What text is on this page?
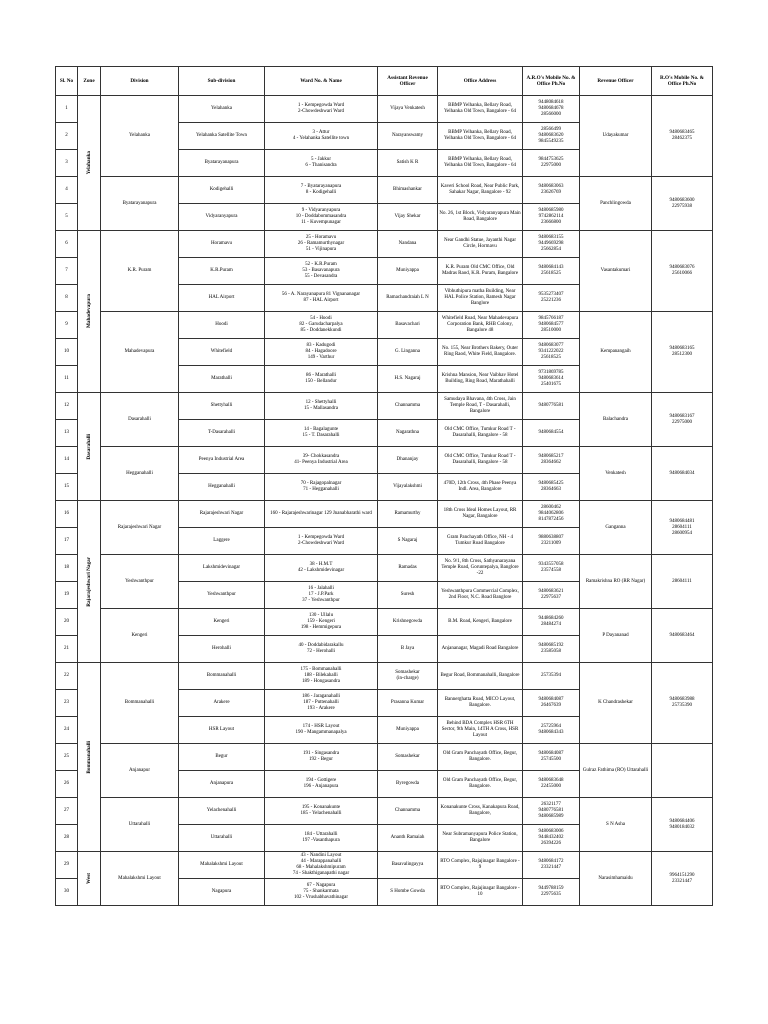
Sl. No	Zone	Division	Sub-division	Ward No. & Name	Assistant Revenue Officer	Office Address	A.R.O's Mobile No. & Office Ph.No	Revenue Officer	R.O's Mobile No. & Office Ph.No
1	Yelahanka	Yelahanka	Yelahanka	1 - Kempegowda Ward
2-Chowdeshwari Ward	Vijaya Venkatesh	BBMP Yelhanka, Bellary Road, Yelhanka Old Town, Bangalore - 64	9448084618
9480684678
28566000	Udayakumar	9480683465
28462375
2			Yelahanka Satellite Town	3 - Attur
4 - Yelahanka Satellite town	Narayanswamy	BBMP Yelhanka, Bellary Road, Yelhanka Old Town, Bangalore - 64	28566499
9480683620
9845549235		
3			Byatarayanapura	5 - Jakkur
6 - Thanisandra	Satish K R	BBMP Yelhanka, Bellary Road, Yelhanka Old Town, Bangalore - 64	9844753625
22975000		
4		Byatarayanapura	Kodigehalli	7 - Byatarayanapura
8 - Kodigehalli	Bhimashankar	Kaveri School Road, Near Public Park, Sahakar Nagar, Bangalore - 92	9480683063
23626769	Panchlingowda	9480683600
22975938
5			Vidyaranyapura	9 - Vidyaranyapura
10 - Doddabommasandra
11 - Kuvempunagar	Vijay Shekar	No. 26, 1st Block, Vidyaranyapura Main Road, Bangalore	9480685980
9742862114
23666800		
6	Mahadevapura	K.R. Puram	Horamavu	25 - Horamavu
26 - Ramamurthynagar
51 - Vijinapura	Nandana	Near Gandhi Statue, Jayanthi Nagar Circle, Hormavu	9480683155
9449669298
25662854	Vasantakumari	9480683076
25610066
7			K.R.Puram	52 - K.R.Puram
53 - Basavanapura
55 - Devasandra	Muniyappa	K.R. Puram Old CMC Office, Old Madras Raod, K.R. Puram, Bangalore	9480684143
25618525		
8			HAL Airport	56 - A. Narayanapura 81 Vignananagar
87 - HAL Airport	Ramachandraiah L N	Vibhuthipura matha Building, Near HAL Police Station, Ramesh Nagar Banglore	9535273407
25221236		
9		Mahadevapura	Hoodi	54 - Hoodi
82 - Garudacharpalya
85 - Doddanekkundi	Basavachari	Whitefield Road, Near Mahadevapura Corporation Bank, RHB Colony, Bangalore 48	9845766187
9480684577
28510000	Kempanangaih	9480683165
28512300
10			Whitefield	83 - Kadugodi
84 - Hagadoore
149 - Varthur	G. Linganna	No. 155, Near Brothers Bakery, Outer Ring Raod, White Field, Bangalore.	9480683077
9341222022
25618525		
11			Marathalli	86 - Marathalli
150 - Bellandur	H.S. Nagaraj	Krishna Mansion, Near Vaibhav Hotel Building, Ring Road, Marathahalli	9731869785
9480683614
25401675		
12	Dasarahalli	Dasarahalli	Shettyhalli	12 - Shettyhalli
15 - Mallasandra	Channamma	Samudaya Bhavana, 4th Cross, Jain Temple Road, T - Dasarahalli, Bangalore	9480776581	Balachandra	9480683167
22975000
13			T-Dasarahalli	14 - Bagalagunte
15 - T. Dasarahalli	Nagarathna	Old CMC Office, Tumkur Road T - Dasarahalli, Bangalore - 58	9480684554		
14		Hegganahalli	Peenya Industrial Area	39- Chokkasandra
41- Peenya Industrial Area	Dhananjay	Old CMC Office, Tumkur Road T - Dasarahalli, Bangalore - 58	9480685217
28364662	Venkatesh	9480684034
15			Hegganahalli	70 - Rajagopalnagar
71 - Hegganahalli	Vijayalakshmi	470D, 12th Cross, 4th Phase Peenya Indl. Area, Bangalore	9480685425
28364663		
16	Rajarajeshwari Nagar	Rajarajeshwari Nagar	Rajarajeshwari Nagar	160 - Rajarajeshwarinagar 129 Jnanabharathi ward	Ramamurthy	18th Cross Ideal Homes Layout, RR Nagar, Bangalore	28600462
9844062806
8147872456	Ganganna	9480684481
28604111
28600954
17			Laggere	1 - Kempegowda Ward
2-Chowdeshwari Ward	S Nagaraj	Gram Panchayath Office, NH - 4 Tumkur Road Bangalore	9880638807
23211009		
18		Yeshwanthpur	Lakshmidevinagar	38 - H.M.T
42 - Lakshmidevinagar	Ramadas	No. 9/1, 8th Cross, Sathyanarayana Temple Road, Goruntepalya, Banglore -22	9343557058
23574558	Ramakrishna RO (RR Nagar)	28604111
19			Yeshwanthpur	16 - Jalahalli
17 - J.P.Park
37 - Yeshwanthpur	Suresh	Yeshwanthpura Commercial Complex, 2nd Floor, N.C. Road Banglore	9480683621
22975637		
20		Kengeri	Kengeri	130 - Ullalu
159 - Kengeri
198 - Hemmigepura	Krishnegowda	B.M. Road, Kengeri, Bangalore	9448684260
28484274	P Dayananad	9480683464
21			Herohalli	40 - Doddabidarakallu
72 - Herohalli	B Jaya	Anjananagar, Magadi Road Bangalore	9480685192
23585058		
22	Bommanahalli	Bommanahalli	Bommanahalli	175 - Bommanahalli
188 - Bilekahalli
189 - Hongasandra	Somashekar
(in-charge)	Begur Road, Bommanahalli, Bangalore	25735394	K Chandrashekar	9480683988
25735390
23			Arakere	186 - Jaraganahalli
187 - Puttenahalli
193 - Arakere	Prasanna Kumar	Bannerghatta Road, MICO Layout, Bangalore.	9480684087
26467639		
24			HSR Layout	174 - HSR Layout
190 - Mangammanapalya	Muniyappa	Behind BDA Complex HSR 6TH Sector, 9th Main, 14TH A Cross, HSR Layout	25725964
9480684343		
25		Anjanapur	Begur	191 - Singasandra
192 - Begur	Somashekar	Old Gram Panchayath Office, Begur, Bangalore.	9480684087
25745500	Gulraz Fathima (RO) Uttarahalli	
26			Anjanapura	194 - Gottigere
196 - Anjanapura	Byregowda	Old Gram Panchayath Office, Begur, Bangalore.	9480683648
22455000		
27		Uttarahalli	Yelachenahalli	195 - Konanakunte
185 - Yelachenahalli	Channamma	Konanakunte Cross, Kanakapura Road, Bangalore,	26321177
9480776581
9480685989	S N Asha	9480684406
9480184032
28			Uttarahalli	184 - Uttarahalli
197 -Vasanthapura	Ananth Ramaiah	Near Subramanyapura Police Station, Bangalore	9480683006
9448432402
26394226		
29	West	Mahalakshmi Layout	Mahalakshmi Layout	43 - Nandini Layout
44 - Marappanahalli
68 - Mahalakshmipuram
74 - Shakthiganapathi nagar	Basavalingayya	RTO Complex, Rajajinagar Bangalore - 9	9480684172
23321447	Narasimhamaidu	9964151290
23321447
30			Nagapura	67 - Nagapura
75 - Shankarmata
102 - Vrushabhavathinagar	S Hombe Gowda	RTO Complex, Rajajinagar Bangalore - 10	9449788159
22975635		
